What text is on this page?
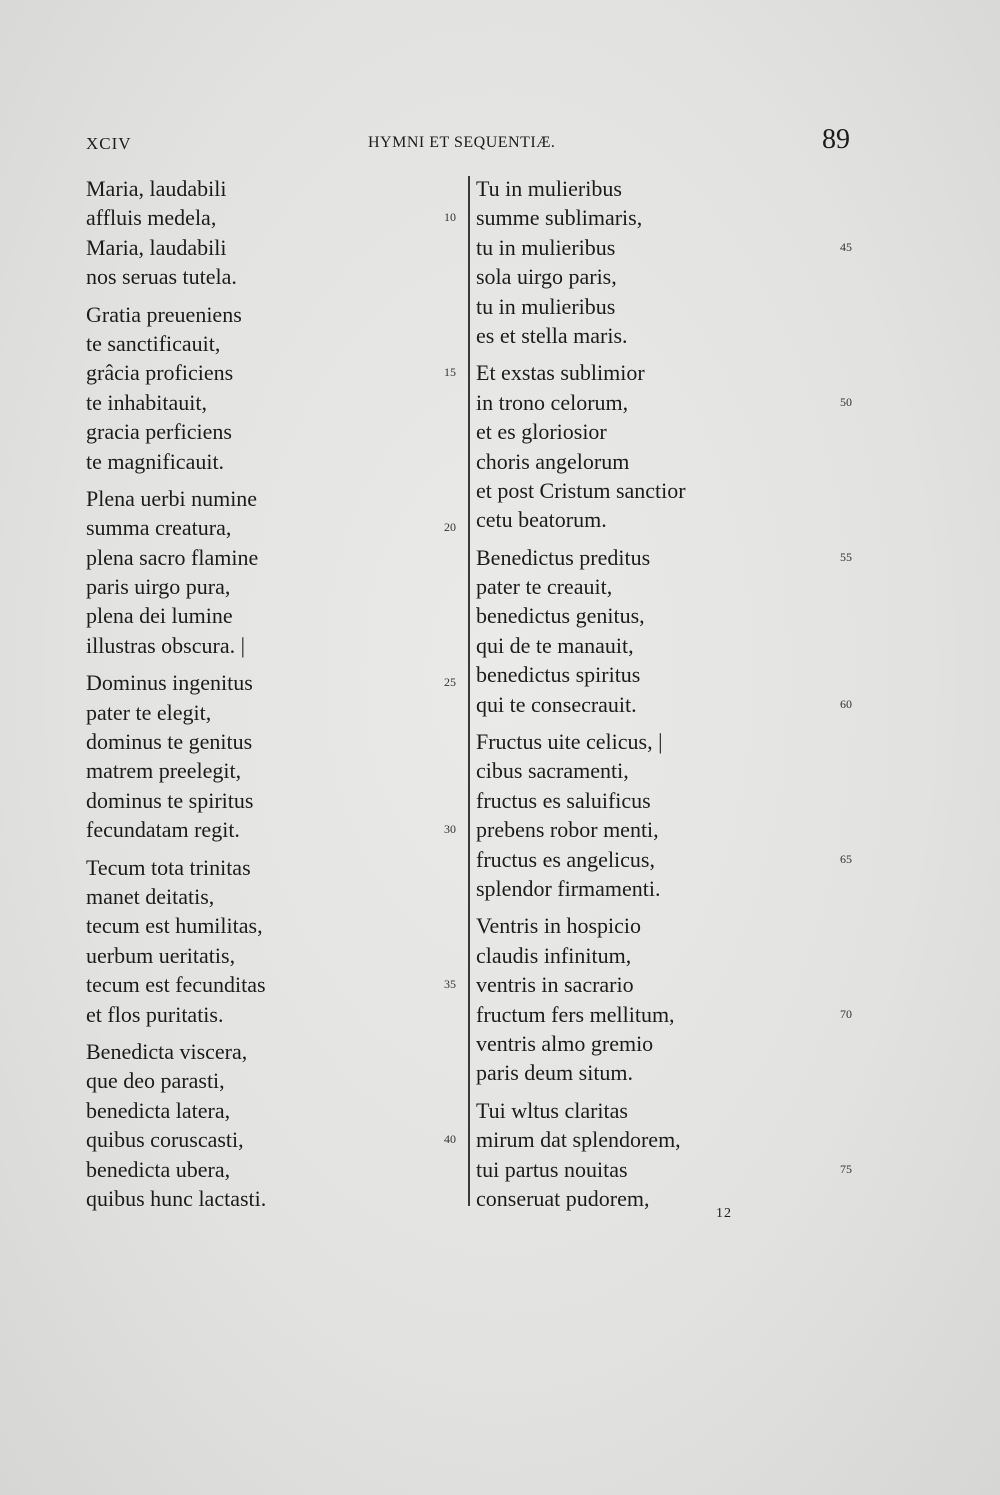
XCIV	HYMNI ET SEQUENTIÆ.	89
Maria, laudabili
affluis medela,	10
Maria, laudabili
nos seruas tutela.
Gratia preueniens
te sanctificauit,
grâcia proficiens	15
te inhabitauit,
gracia perficiens
te magnificauit.
Plena uerbi numine
summa creatura,	20
plena sacro flamine
paris uirgo pura,
plena dei lumine
illustras obscura. |
Dominus ingenitus	25
pater te elegit,
dominus te genitus
matrem preelegit,
dominus te spiritus
fecundatam regit.	30
Tecum tota trinitas
manet deitatis,
tecum est humilitas,
uerbum ueritatis,
tecum est fecunditas	35
et flos puritatis.
Benedicta viscera,
que deo parasti,
benedicta latera,
quibus coruscasti,	40
benedicta ubera,
quibus hunc lactasti.
Tu in mulieribus
summe sublimaris,
tu in mulieribus	45
sola uirgo paris,
tu in mulieribus
es et stella maris.
Et exstas sublimior
in trono celorum,	50
et es gloriosior
choris angelorum
et post Cristum sanctior
cetu beatorum.
Benedictus preditus	55
pater te creauit,
benedictus genitus,
qui de te manauit,
benedictus spiritus
qui te consecrauit.	60
Fructus uite celicus, |
cibus sacramenti,
fructus es saluificus
prebens robor menti,
fructus es angelicus,	65
splendor firmamenti.
Ventris in hospicio
claudis infinitum,
ventris in sacrario
fructum fers mellitum,	70
ventris almo gremio
paris deum situm.
Tui wltus claritas
mirum dat splendorem,
tui partus nouitas	75
conseruat pudorem,
12
